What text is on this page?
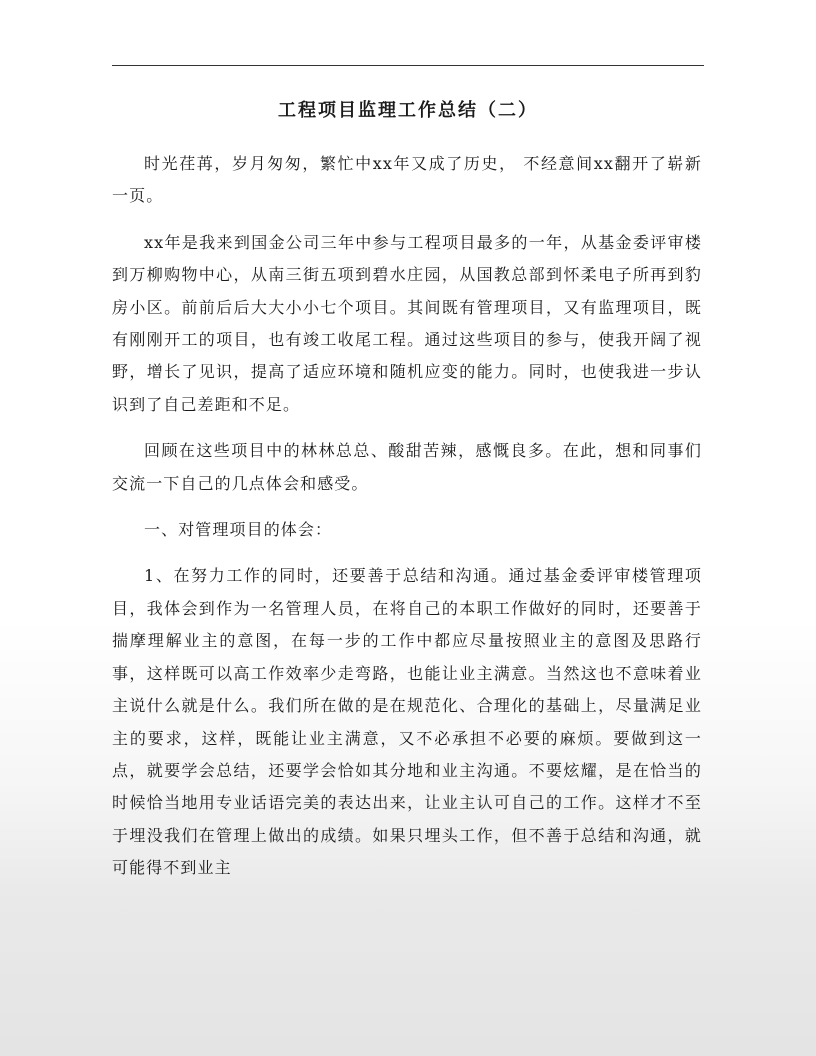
工程项目监理工作总结（二）

时光荏苒，岁月匆匆，繁忙中xx年又成了历史， 不经意间xx翻开了崭新一页。

xx年是我来到国金公司三年中参与工程项目最多的一年，从基金委评审楼到万柳购物中心，从南三街五项到碧水庄园，从国教总部到怀柔电子所再到豹房小区。前前后后大大小小七个项目。其间既有管理项目，又有监理项目，既有刚刚开工的项目，也有竣工收尾工程。通过这些项目的参与，使我开阔了视野，增长了见识，提高了适应环境和随机应变的能力。同时，也使我进一步认识到了自己差距和不足。

回顾在这些项目中的林林总总、酸甜苦辣，感慨良多。在此，想和同事们交流一下自己的几点体会和感受。

一、对管理项目的体会：

1、在努力工作的同时，还要善于总结和沟通。通过基金委评审楼管理项目，我体会到作为一名管理人员，在将自己的本职工作做好的同时，还要善于揣摩理解业主的意图，在每一步的工作中都应尽量按照业主的意图及思路行事，这样既可以高工作效率少走弯路，也能让业主满意。当然这也不意味着业主说什么就是什么。我们所在做的是在规范化、合理化的基础上，尽量满足业主的要求，这样，既能让业主满意，又不必承担不必要的麻烦。要做到这一点，就要学会总结，还要学会恰如其分地和业主沟通。不要炫耀，是在恰当的时候恰当地用专业话语完美的表达出来，让业主认可自己的工作。这样才不至于埋没我们在管理上做出的成绩。如果只埋头工作，但不善于总结和沟通，就可能得不到业主
